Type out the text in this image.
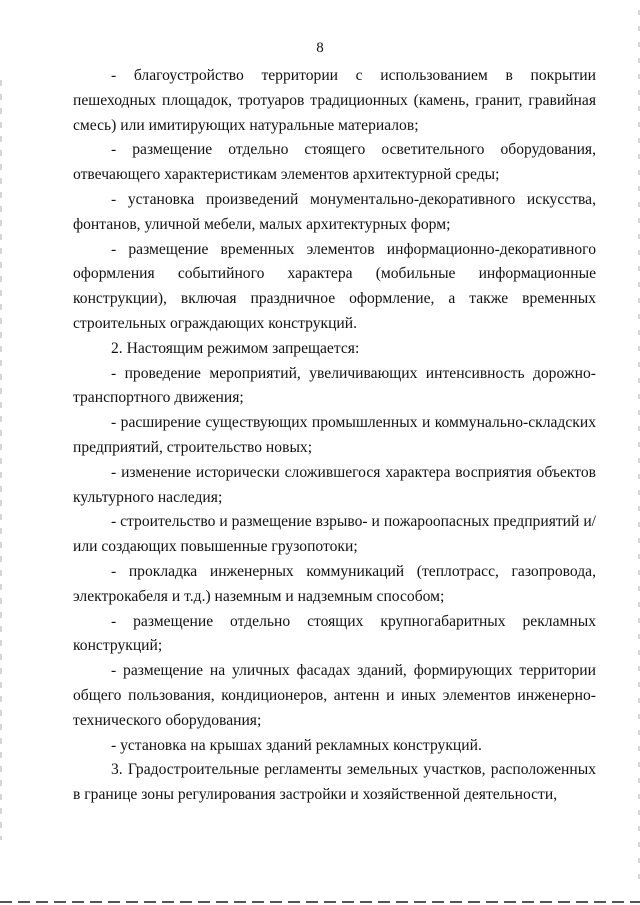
8

- благоустройство территории с использованием в покрытии пешеходных площадок, тротуаров традиционных (камень, гранит, гравийная смесь) или имитирующих натуральные материалов;

- размещение отдельно стоящего осветительного оборудования, отвечающего характеристикам элементов архитектурной среды;

- установка произведений монументально-декоративного искусства, фонтанов, уличной мебели, малых архитектурных форм;

- размещение временных элементов информационно-декоративного оформления событийного характера (мобильные информационные конструкции), включая праздничное оформление, а также временных строительных ограждающих конструкций.

2. Настоящим режимом запрещается:

- проведение мероприятий, увеличивающих интенсивность дорожно-транспортного движения;

- расширение существующих промышленных и коммунально-складских предприятий, строительство новых;

- изменение исторически сложившегося характера восприятия объектов культурного наследия;

- строительство и размещение взрыво- и пожароопасных предприятий и/или создающих повышенные грузопотоки;

- прокладка инженерных коммуникаций (теплотрасс, газопровода, электрокабеля и т.д.) наземным и надземным способом;

- размещение отдельно стоящих крупногабаритных рекламных конструкций;

- размещение на уличных фасадах зданий, формирующих территории общего пользования, кондиционеров, антенн и иных элементов инженерно-технического оборудования;

- установка на крышах зданий рекламных конструкций.

3. Градостроительные регламенты земельных участков, расположенных в границе зоны регулирования застройки и хозяйственной деятельности,
